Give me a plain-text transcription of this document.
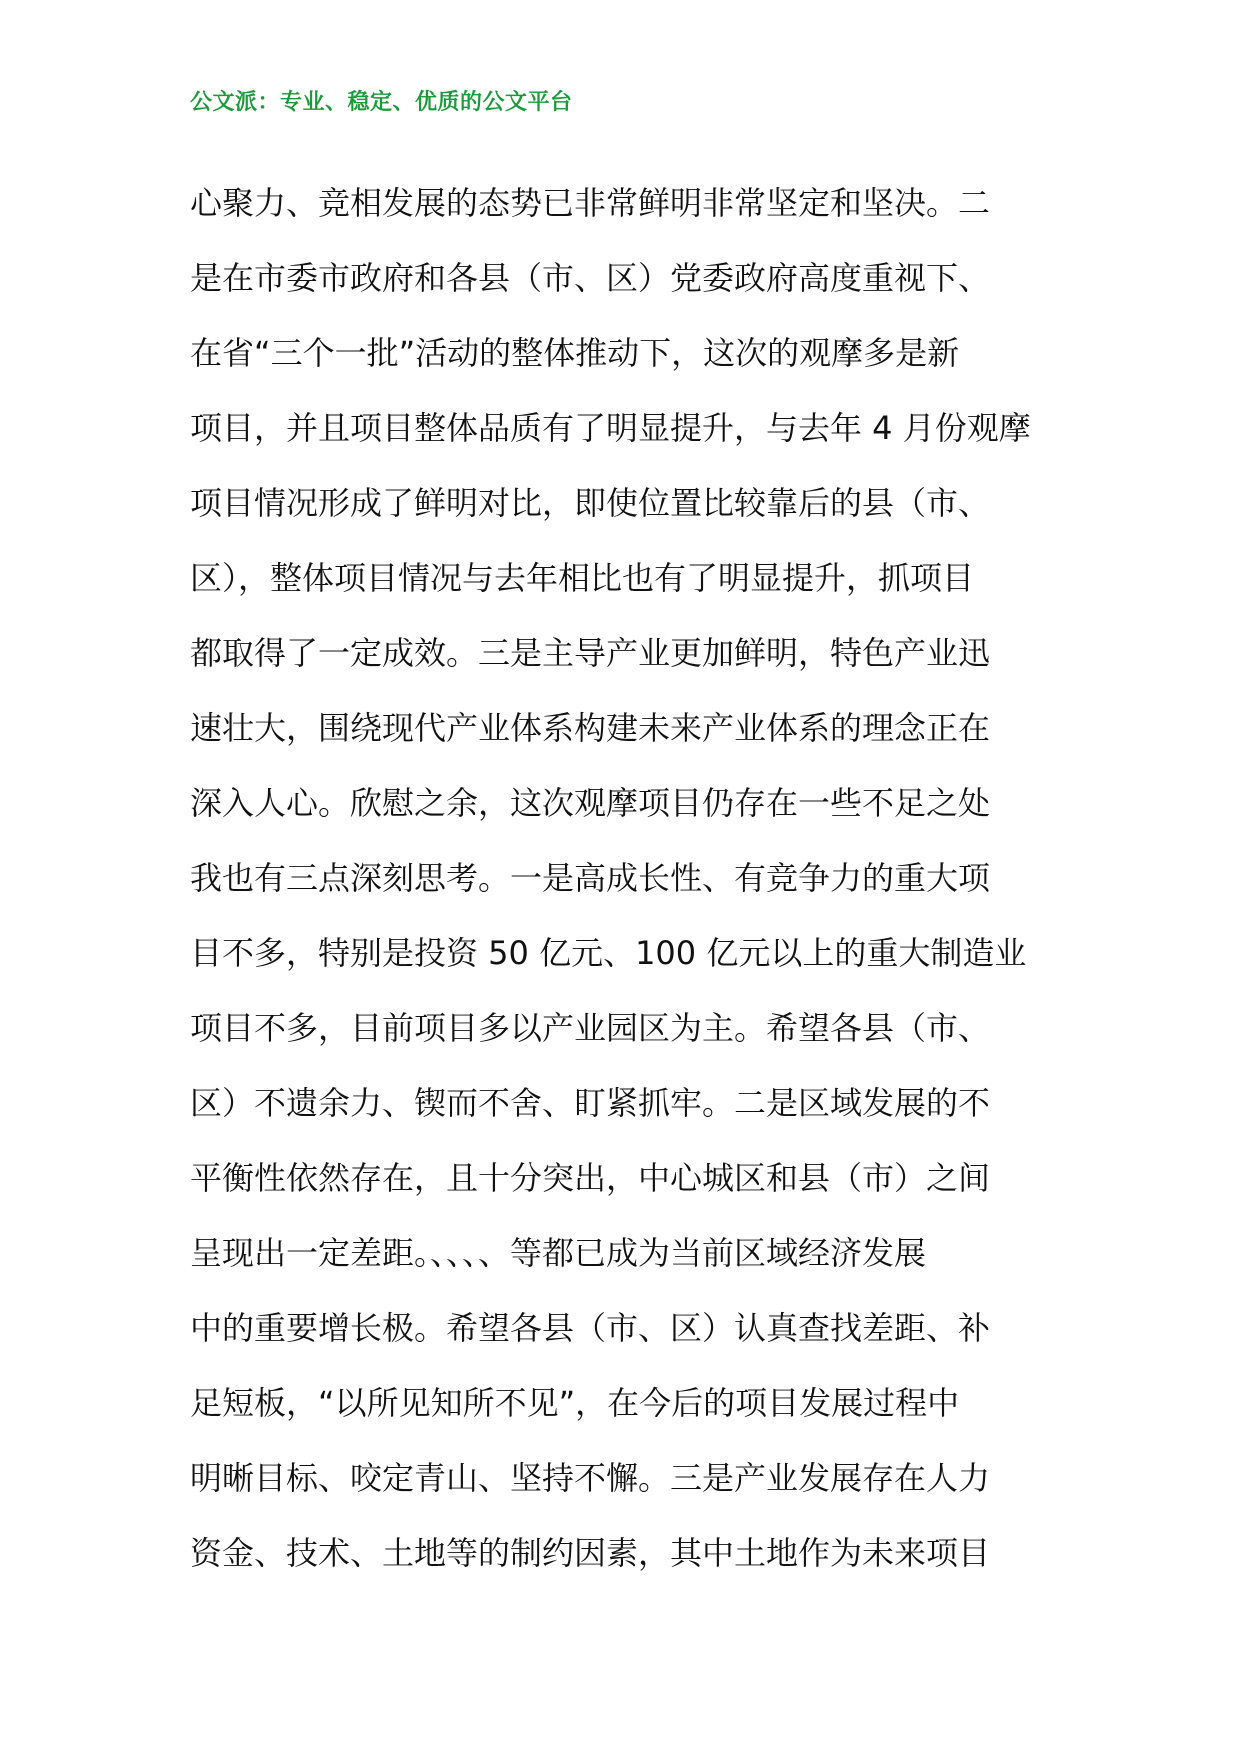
公文派：专业、稳定、优质的公文平台
心聚力、竞相发展的态势已非常鲜明非常坚定和坚决。二
是在市委市政府和各县（市、区）党委政府高度重视下、
在省“三个一批”活动的整体推动下，这次的观摩多是新
项目，并且项目整体品质有了明显提升，与去年 4 月份观摩
项目情况形成了鲜明对比，即使位置比较靠后的县（市、
区），整体项目情况与去年相比也有了明显提升，抓项目
都取得了一定成效。三是主导产业更加鲜明，特色产业迅
速壮大，围绕现代产业体系构建未来产业体系的理念正在
深入人心。欣慰之余，这次观摩项目仍存在一些不足之处
我也有三点深刻思考。一是高成长性、有竞争力的重大项
目不多，特别是投资 50 亿元、100 亿元以上的重大制造业
项目不多，目前项目多以产业园区为主。希望各县（市、
区）不遗余力、锲而不舍、盯紧抓牢。二是区域发展的不
平衡性依然存在，且十分突出，中心城区和县（市）之间
呈现出一定差距。、、、、等都已成为当前区域经济发展
中的重要增长极。希望各县（市、区）认真查找差距、补
足短板，“以所见知所不见”，在今后的项目发展过程中
明晰目标、咬定青山、坚持不懈。三是产业发展存在人力
资金、技术、土地等的制约因素，其中土地作为未来项目
